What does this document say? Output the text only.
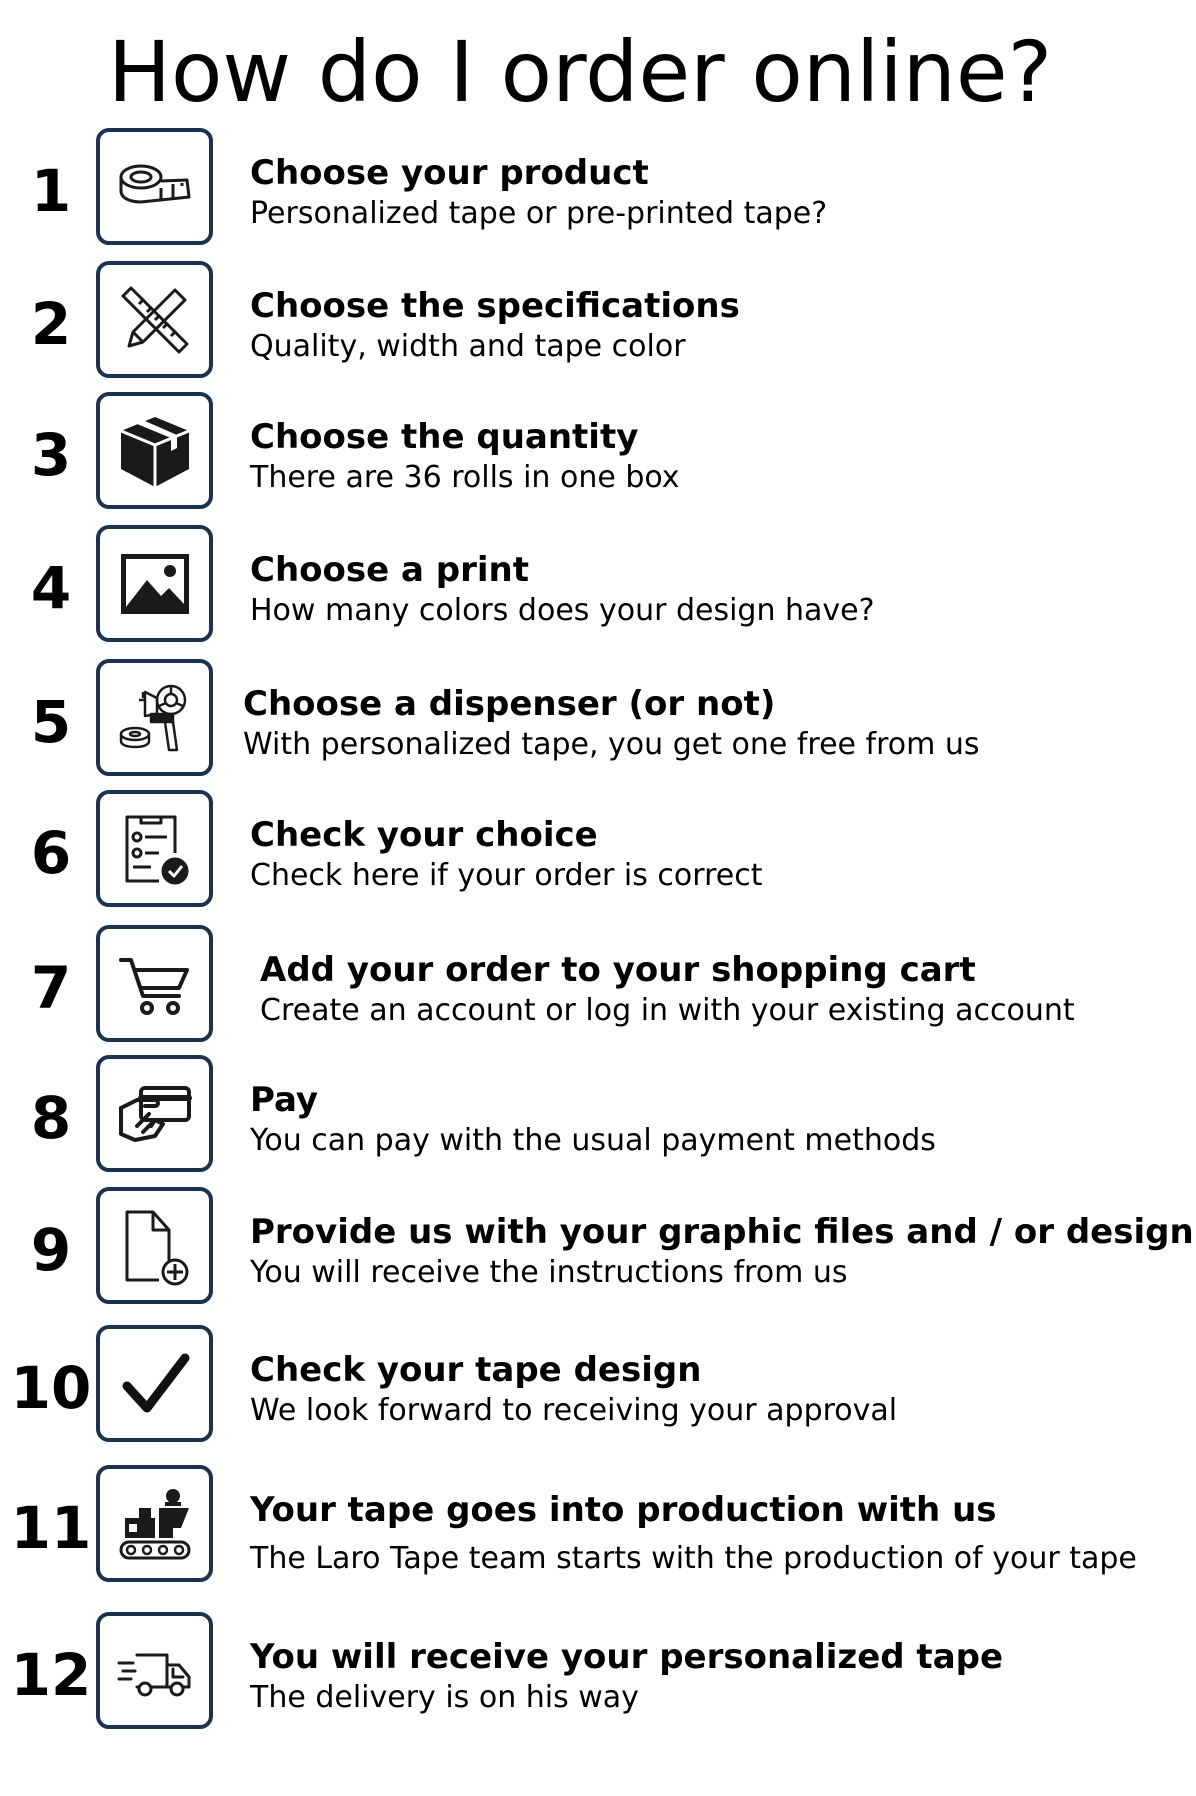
How do I order online?
1	Choose your product
Personalized tape or pre-printed tape?
2	Choose the specifications
Quality, width and tape color
3	Choose the quantity
There are 36 rolls in one box
4	Choose a print
How many colors does your design have?
5	Choose a dispenser (or not)
With personalized tape, you get one free from us
6	Check your choice
Check here if your order is correct
7	Add your order to your shopping cart
Create an account or log in with your existing account
8	Pay
You can pay with the usual payment methods
9	Provide us with your graphic files and / or design
You will receive the instructions from us
10	Check your tape design
We look forward to receiving your approval
11	Your tape goes into production with us
The Laro Tape team starts with the production of your tape
12	You will receive your personalized tape
The delivery is on his way
